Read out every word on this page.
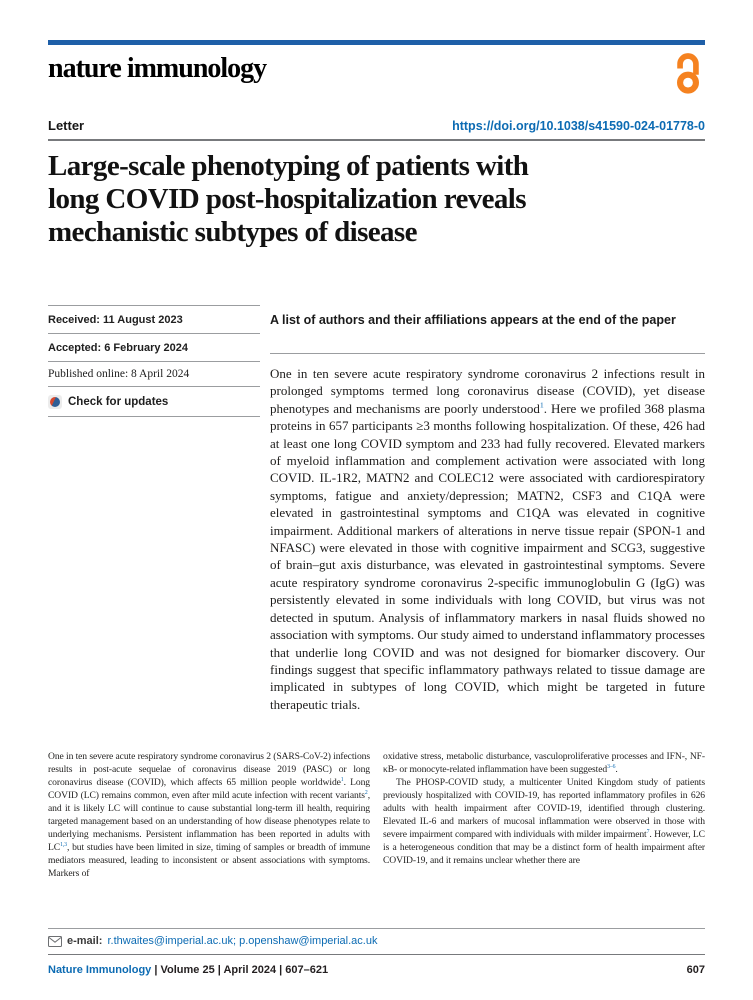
nature immunology
Letter	https://doi.org/10.1038/s41590-024-01778-0
Large-scale phenotyping of patients with
long COVID post-hospitalization reveals
mechanistic subtypes of disease
Received: 11 August 2023
Accepted: 6 February 2024
Published online: 8 April 2024
Check for updates
A list of authors and their affiliations appears at the end of the paper
One in ten severe acute respiratory syndrome coronavirus 2 infections result in prolonged symptoms termed long coronavirus disease (COVID), yet disease phenotypes and mechanisms are poorly understood$^1$. Here we profiled 368 plasma proteins in 657 participants ≥3 months following hospitalization. Of these, 426 had at least one long COVID symptom and 233 had fully recovered. Elevated markers of myeloid inflammation and complement activation were associated with long COVID. IL-1R2, MATN2 and COLEC12 were associated with cardiorespiratory symptoms, fatigue and anxiety/depression; MATN2, CSF3 and C1QA were elevated in gastrointestinal symptoms and C1QA was elevated in cognitive impairment. Additional markers of alterations in nerve tissue repair (SPON-1 and NFASC) were elevated in those with cognitive impairment and SCG3, suggestive of brain–gut axis disturbance, was elevated in gastrointestinal symptoms. Severe acute respiratory syndrome coronavirus 2-specific immunoglobulin G (IgG) was persistently elevated in some individuals with long COVID, but virus was not detected in sputum. Analysis of inflammatory markers in nasal fluids showed no association with symptoms. Our study aimed to understand inflammatory processes that underlie long COVID and was not designed for biomarker discovery. Our findings suggest that specific inflammatory pathways related to tissue damage are implicated in subtypes of long COVID, which might be targeted in future therapeutic trials.

One in ten severe acute respiratory syndrome coronavirus 2 (SARS-CoV-2) infections results in post-acute sequelae of coronavirus disease 2019 (PASC) or long coronavirus disease (COVID), which affects 65 million people worldwide$^1$. Long COVID (LC) remains common, even after mild acute infection with recent variants$^2$, and it is likely LC will continue to cause substantial long-term ill health, requiring targeted management based on an understanding of how disease phenotypes relate to underlying mechanisms. Persistent inflammation has been reported in adults with LC$^{1,3}$, but studies have been limited in size, timing of samples or breadth of immune mediators measured, leading to inconsistent or absent associations with symptoms. Markers of

oxidative stress, metabolic disturbance, vasculoproliferative processes and IFN-, NF-κB- or monocyte-related inflammation have been suggested$^{3-6}$.

The PHOSP-COVID study, a multicenter United Kingdom study of patients previously hospitalized with COVID-19, has reported inflammatory profiles in 626 adults with health impairment after COVID-19, identified through clustering. Elevated IL-6 and markers of mucosal inflammation were observed in those with severe impairment compared with individuals with milder impairment$^7$. However, LC is a heterogeneous condition that may be a distinct form of health impairment after COVID-19, and it remains unclear whether there are

e-mail: r.thwaites@imperial.ac.uk; p.openshaw@imperial.ac.uk
Nature Immunology | Volume 25 | April 2024 | 607–621	607
